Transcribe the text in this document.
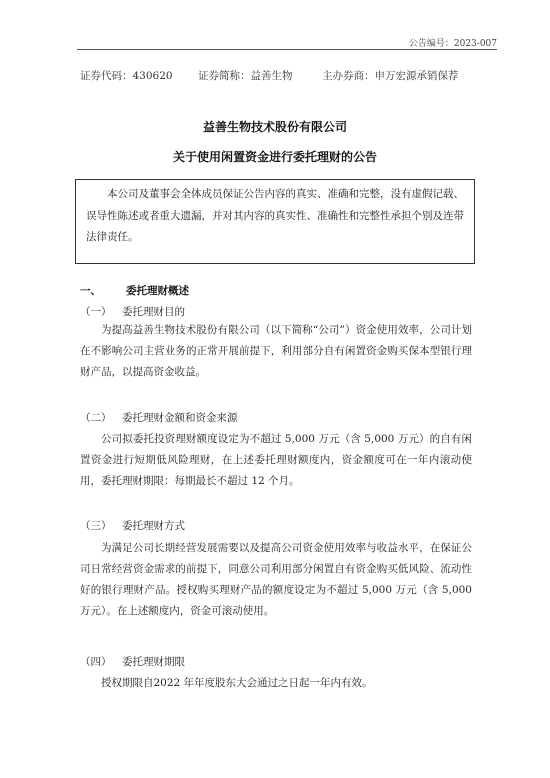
公告编号：2023-007
证券代码：430620 证券简称：益善生物	主办券商：申万宏源承销保荐
益善生物技术股份有限公司
关于使用闲置资金进行委托理财的公告
本公司及董事会全体成员保证公告内容的真实、准确和完整，没有虚假记载、误导性陈述或者重大遗漏，并对其内容的真实性、准确性和完整性承担个别及连带法律责任。
一、 委托理财概述
（一） 委托理财目的
为提高益善生物技术股份有限公司（以下简称“公司”）资金使用效率，公司计划在不影响公司主营业务的正常开展前提下，利用部分自有闲置资金购买保本型银行理财产品，以提高资金收益。
（二） 委托理财金额和资金来源
公司拟委托投资理财额度设定为不超过 5,000 万元（含 5,000 万元）的自有闲置资金进行短期低风险理财，在上述委托理财额度内，资金额度可在一年内滚动使用，委托理财期限：每期最长不超过 12 个月。
（三） 委托理财方式
为满足公司长期经营发展需要以及提高公司资金使用效率与收益水平，在保证公司日常经营资金需求的前提下，同意公司利用部分闲置自有资金购买低风险、流动性好的银行理财产品。授权购买理财产品的额度设定为不超过 5,000 万元（含 5,000 万元）。在上述额度内，资金可滚动使用。
（四） 委托理财期限
授权期限自2022 年年度股东大会通过之日起一年内有效。
